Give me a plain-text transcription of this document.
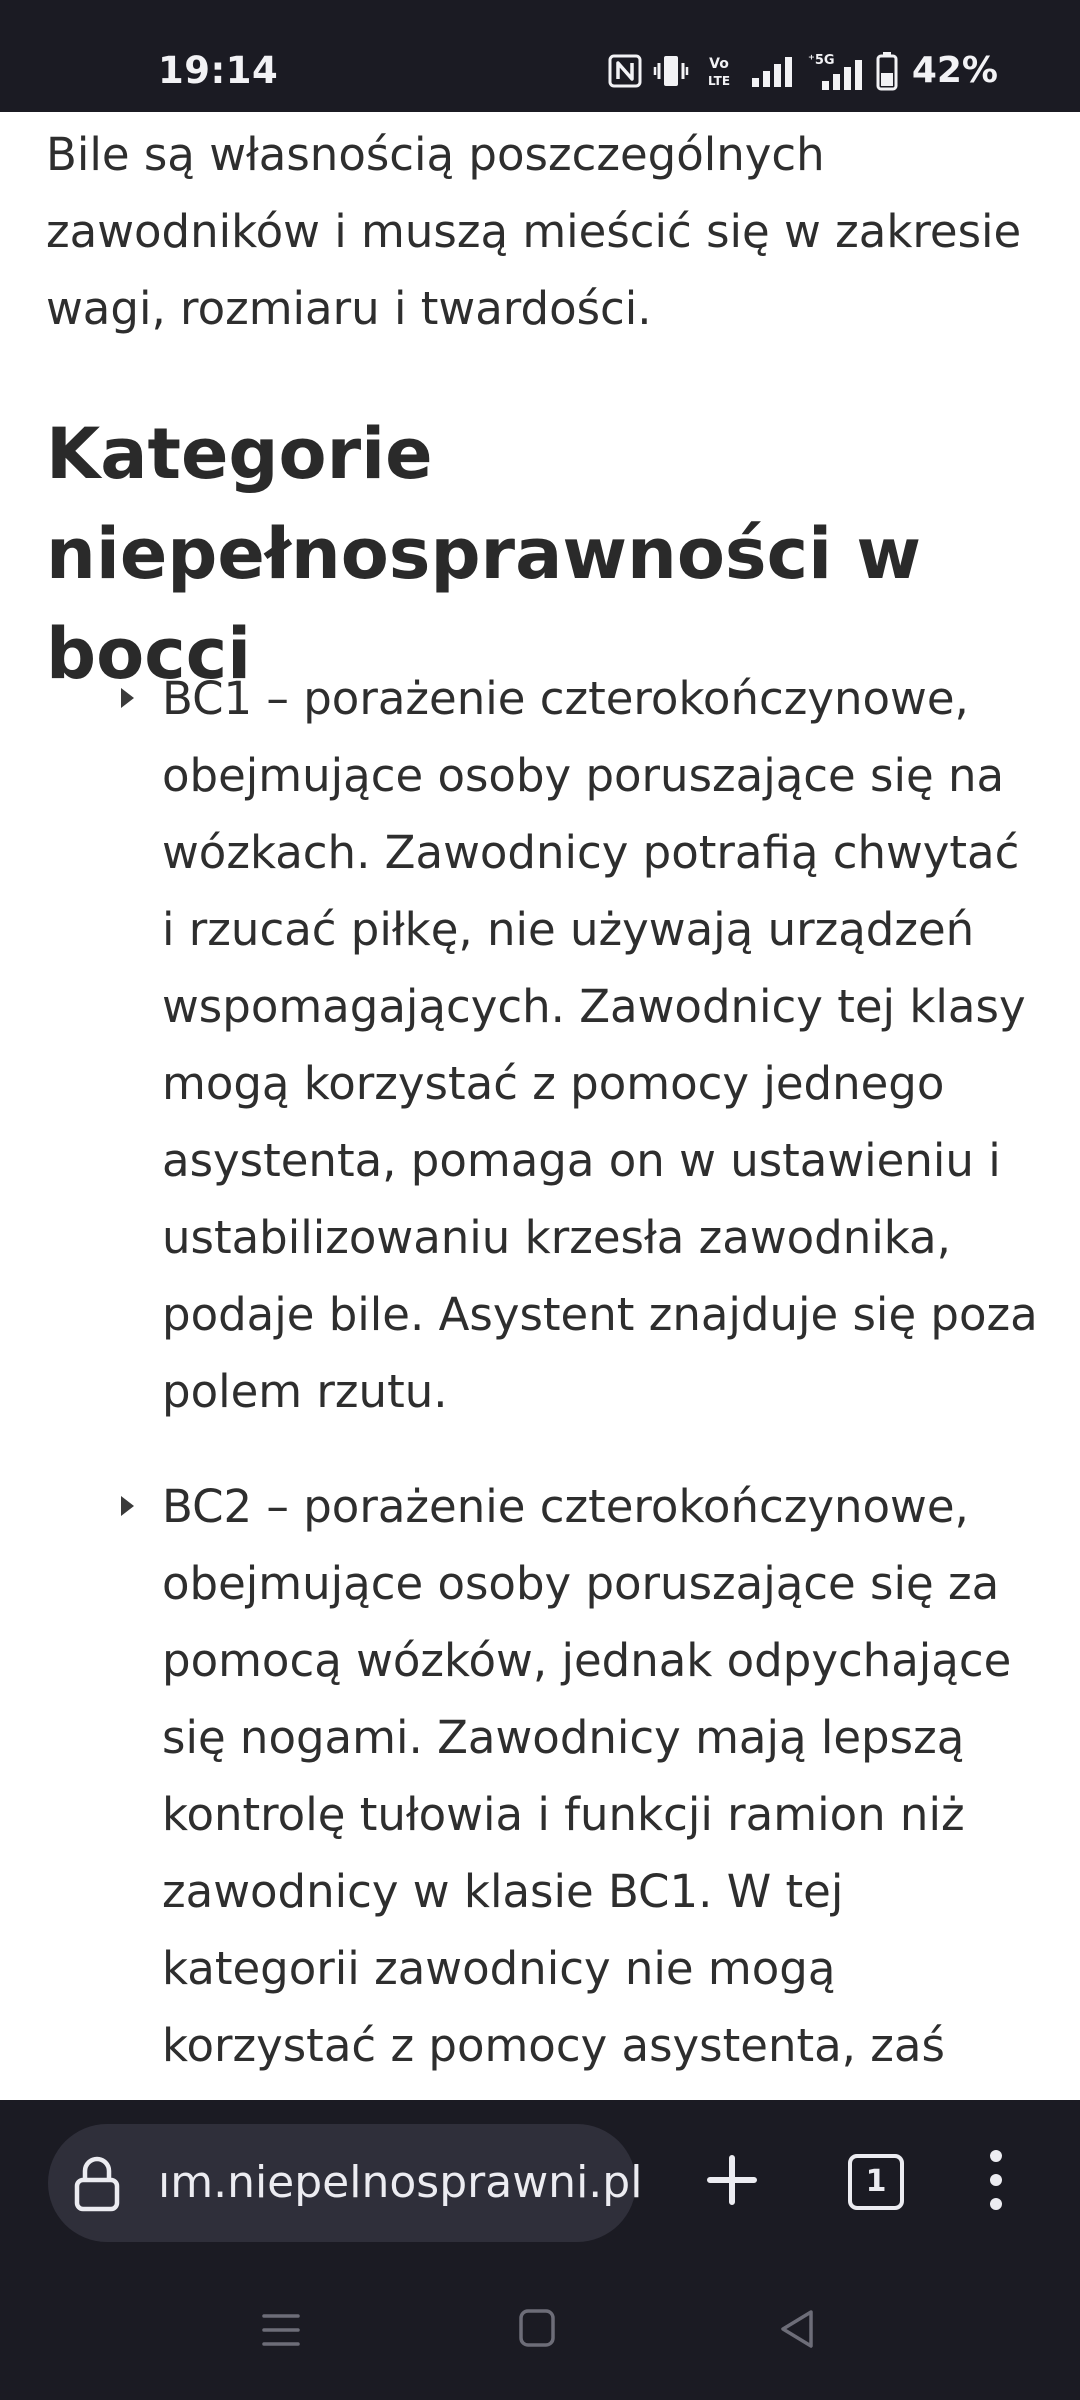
19:14	Vo
LTE
⁺5G 42%

Bile są własnością poszczególnych zawodników i muszą mieścić się w zakresie wagi, rozmiaru i twardości.

Kategorie niepełnosprawności w bocci
BC1 – porażenie czterokończynowe, obejmujące osoby poruszające się na wózkach. Zawodnicy potrafią chwytać i rzucać piłkę, nie używają urządzeń wspomagających. Zawodnicy tej klasy mogą korzystać z pomocy jednego asystenta, pomaga on w ustawieniu i ustabilizowaniu krzesła zawodnika, podaje bile. Asystent znajduje się poza polem rzutu.
BC2 – porażenie czterokończynowe, obejmujące osoby poruszające się za pomocą wózków, jednak odpychające się nogami. Zawodnicy mają lepszą kontrolę tułowia i funkcji ramion niż zawodnicy w klasie BC1. W tej kategorii zawodnicy nie mogą korzystać z pomocy asystenta, zaś
ım.niepelnosprawni.pl	1
